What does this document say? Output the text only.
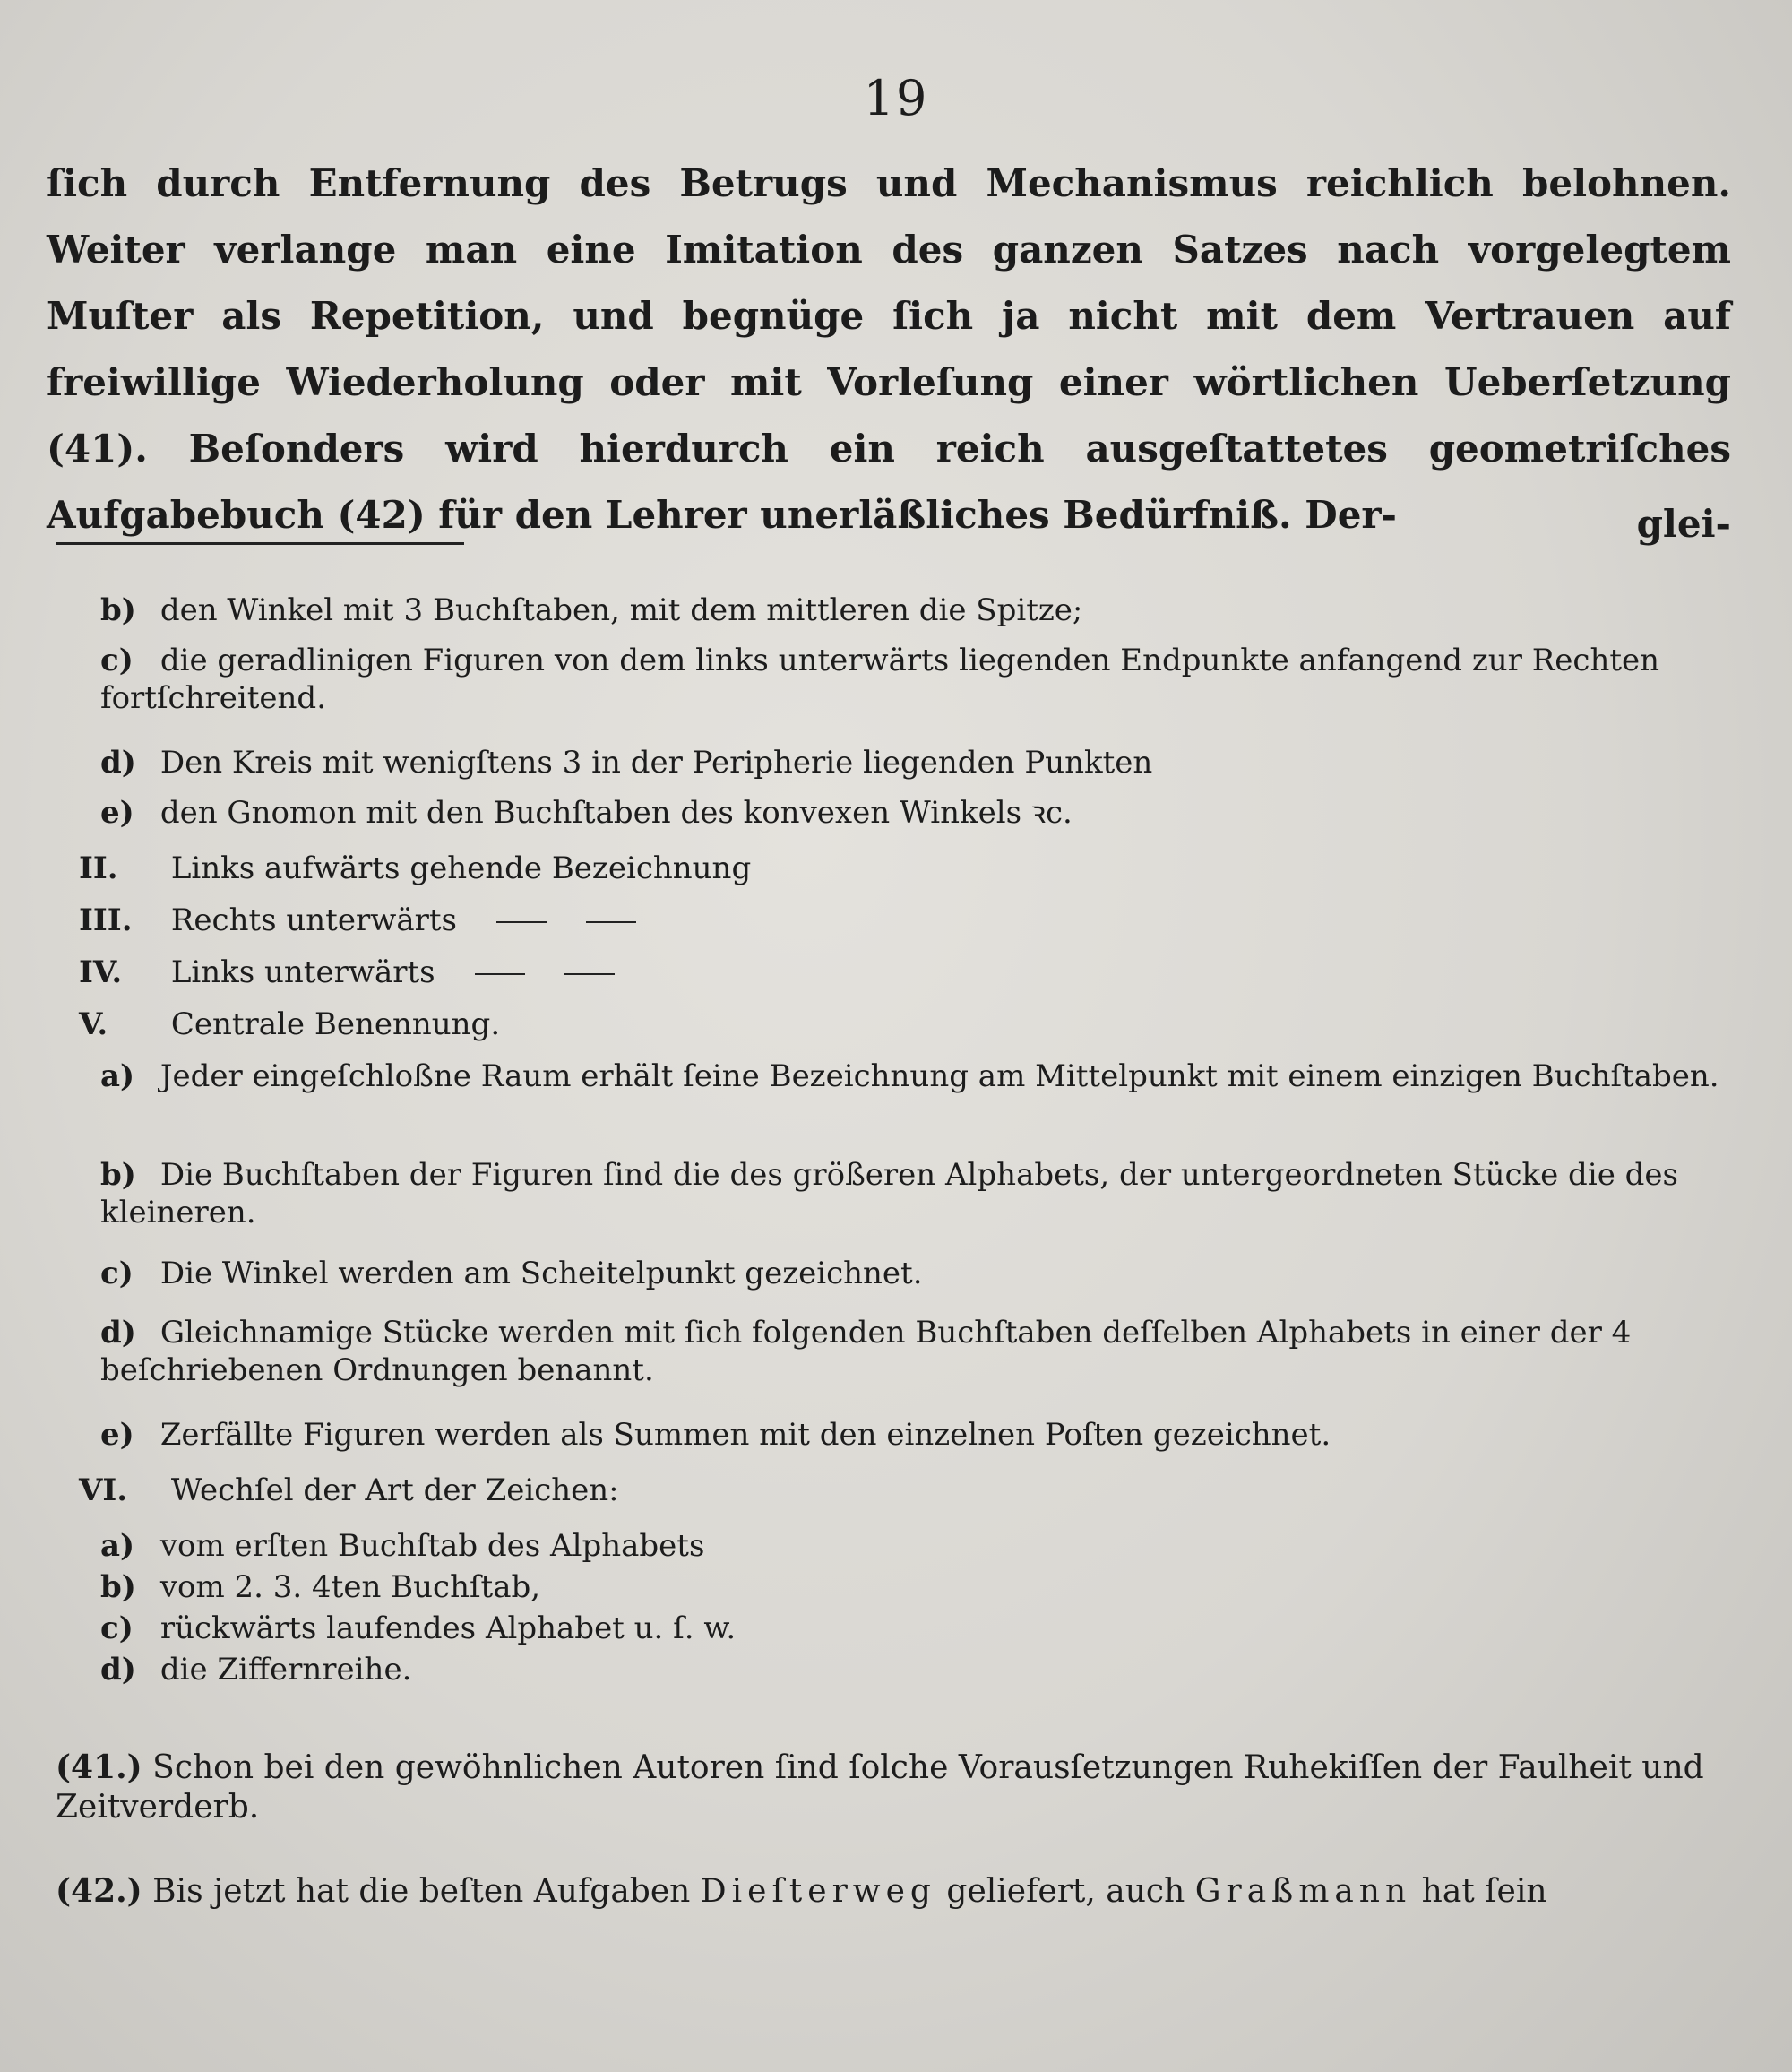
19
ſich durch Entfernung des Betrugs und Mechanismus reichlich belohnen. Weiter verlange man eine Imitation des ganzen Satzes nach vorgelegtem Muſter als Repetition, und begnüge ſich ja nicht mit dem Vertrauen auf freiwillige Wiederholung oder mit Vorleſung einer wörtlichen Ueberſetzung (41). Beſonders wird hierdurch ein reich ausgeſtattetes geometriſches Aufgabebuch (42) für den Lehrer unerläßliches Bedürfniß. Der-	glei-
b) den Winkel mit 3 Buchſtaben, mit dem mittleren die Spitze;
c) die geradlinigen Figuren von dem links unterwärts liegenden Endpunkte anfangend zur Rechten fortſchreitend.
d) Den Kreis mit wenigſtens 3 in der Peripherie liegenden Punkten
e) den Gnomon mit den Buchſtaben des konvexen Winkels ꝛc.
II. Links aufwärts gehende Bezeichnung
III. Rechts unterwärts
IV. Links unterwärts
V. Centrale Benennung.
a) Jeder eingeſchloßne Raum erhält ſeine Bezeichnung am Mittelpunkt mit einem einzigen Buchſtaben.
b) Die Buchſtaben der Figuren ſind die des größeren Alphabets, der untergeordneten Stücke die des kleineren.
c) Die Winkel werden am Scheitelpunkt gezeichnet.
d) Gleichnamige Stücke werden mit ſich folgenden Buchſtaben deſſelben Alphabets in einer der 4 beſchriebenen Ordnungen benannt.
e) Zerfällte Figuren werden als Summen mit den einzelnen Poſten gezeichnet.
VI. Wechſel der Art der Zeichen:
a) vom erſten Buchſtab des Alphabets
b) vom 2. 3. 4ten Buchſtab,
c) rückwärts laufendes Alphabet u. ſ. w.
d) die Ziffernreihe.
(41.) Schon bei den gewöhnlichen Autoren ſind ſolche Vorausſetzungen Ruhekiſſen der Faulheit und Zeitverderb.
(42.) Bis jetzt hat die beſten Aufgaben Dieſterweg geliefert, auch Graßmann hat ſein
